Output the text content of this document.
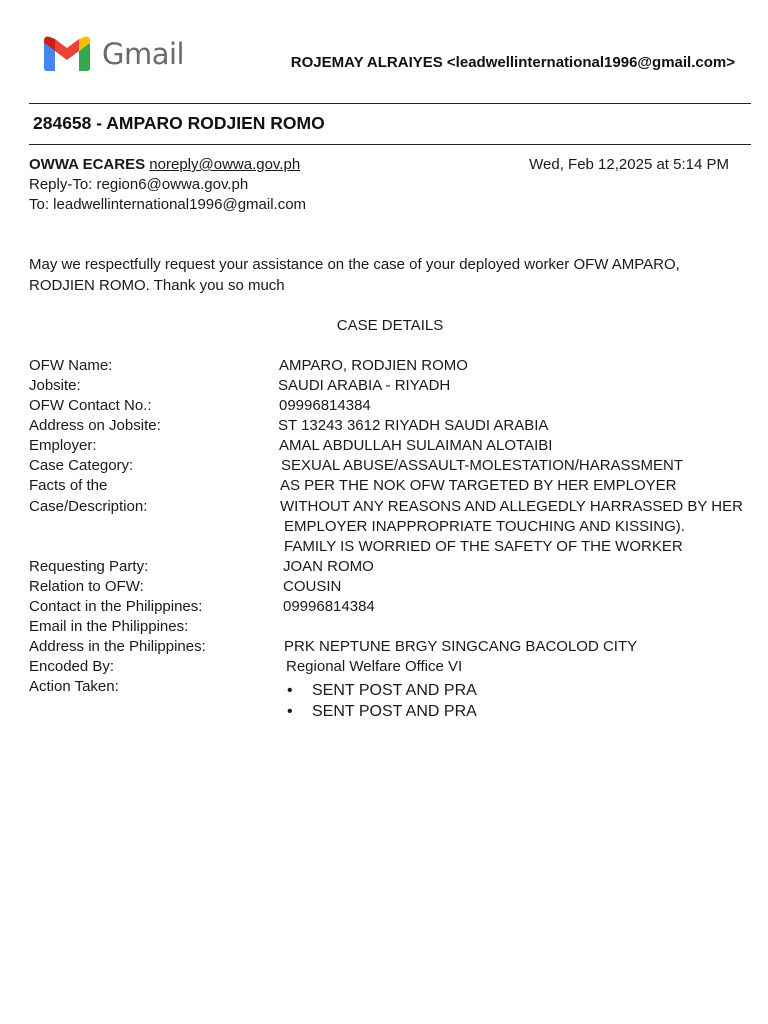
Gmail	ROJEMAY ALRAIYES <leadwellinternational1996@gmail.com>
284658 - AMPARO RODJIEN ROMO
OWWA ECARES noreply@owwa.gov.ph	Wed, Feb 12,2025 at 5:14 PM
Reply-To: region6@owwa.gov.ph
To: leadwellinternational1996@gmail.com
May we respectfully request your assistance on the case of your deployed worker OFW AMPARO,
RODJIEN ROMO. Thank you so much
CASE DETAILS
OFW Name:	AMPARO, RODJIEN ROMO
Jobsite:	SAUDI ARABIA - RIYADH
OFW Contact No.:	09996814384
Address on Jobsite:	ST 13243 3612 RIYADH SAUDI ARABIA
Employer:	AMAL ABDULLAH SULAIMAN ALOTAIBI
Case Category:	SEXUAL ABUSE/ASSAULT-MOLESTATION/HARASSMENT
Facts of the
Case/Description:
AS PER THE NOK OFW TARGETED BY HER EMPLOYER
WITHOUT ANY REASONS AND ALLEGEDLY HARRASSED BY HER
EMPLOYER INAPPROPRIATE TOUCHING AND KISSING).
FAMILY IS WORRIED OF THE SAFETY OF THE WORKER
Requesting Party:	JOAN ROMO
Relation to OFW:	COUSIN
Contact in the Philippines:	09996814384
Email in the Philippines:
Address in the Philippines:	PRK NEPTUNE BRGY SINGCANG BACOLOD CITY
Encoded By:	Regional Welfare Office VI
Action Taken:
•	SENT POST AND PRA
• SENT POST AND PRA
